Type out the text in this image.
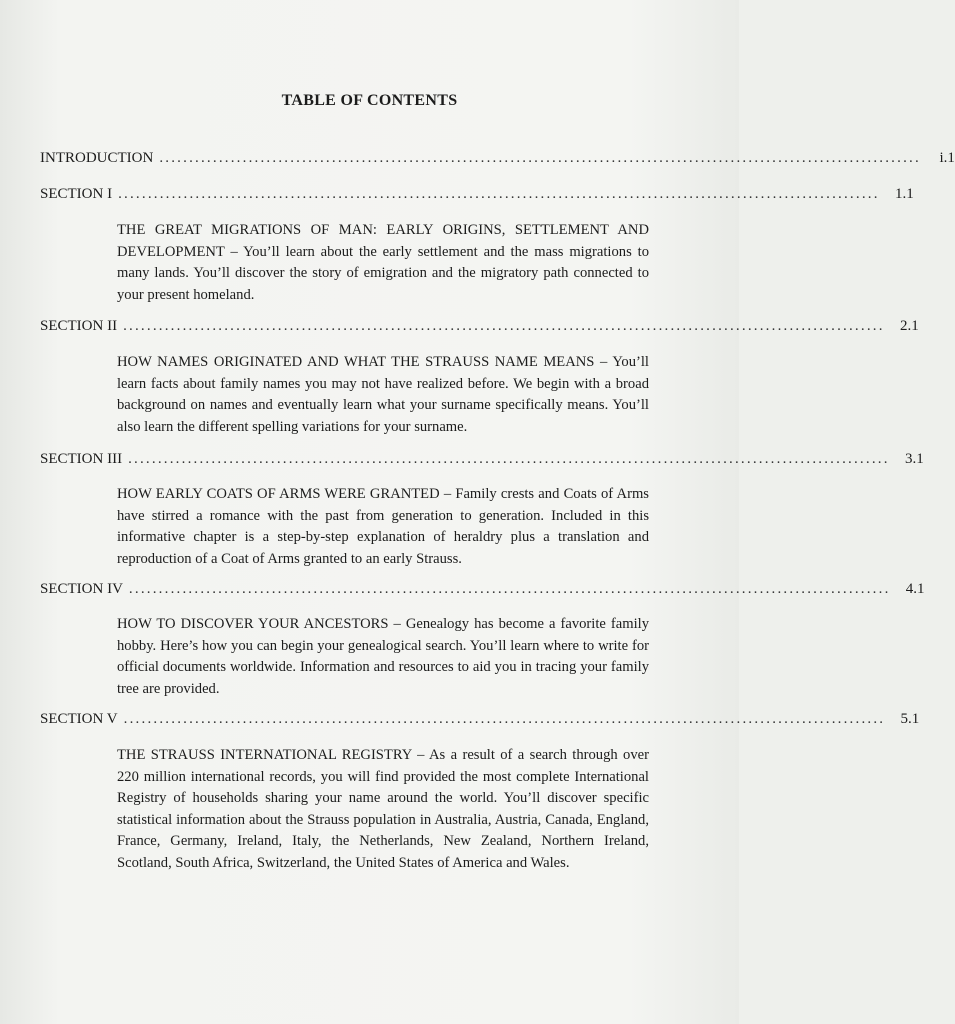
TABLE OF CONTENTS
INTRODUCTION ................................................................................................................................	i.1
SECTION I ................................................................................................................................	1.1
THE GREAT MIGRATIONS OF MAN: EARLY ORIGINS, SETTLEMENT AND DEVELOPMENT – You’ll learn about the early settlement and the mass migrations to many lands. You’ll discover the story of emigration and the migratory path connected to your present homeland.
SECTION II ................................................................................................................................	2.1
HOW NAMES ORIGINATED AND WHAT THE STRAUSS NAME MEANS – You’ll learn facts about family names you may not have realized before. We begin with a broad background on names and eventually learn what your surname specifically means. You’ll also learn the different spelling variations for your surname.
SECTION III ................................................................................................................................	3.1
HOW EARLY COATS OF ARMS WERE GRANTED – Family crests and Coats of Arms have stirred a romance with the past from generation to generation. Included in this informative chapter is a step-by-step explanation of heraldry plus a translation and reproduction of a Coat of Arms granted to an early Strauss.
SECTION IV ................................................................................................................................	4.1
HOW TO DISCOVER YOUR ANCESTORS – Genealogy has become a favorite family hobby. Here’s how you can begin your genealogical search. You’ll learn where to write for official documents worldwide. Information and resources to aid you in tracing your family tree are provided.
SECTION V ................................................................................................................................	5.1
THE STRAUSS INTERNATIONAL REGISTRY – As a result of a search through over 220 million international records, you will find provided the most complete International Registry of households sharing your name around the world. You’ll discover specific statistical information about the Strauss population in Australia, Austria, Canada, England, France, Germany, Ireland, Italy, the Netherlands, New Zealand, Northern Ireland, Scotland, South Africa, Switzerland, the United States of America and Wales.
